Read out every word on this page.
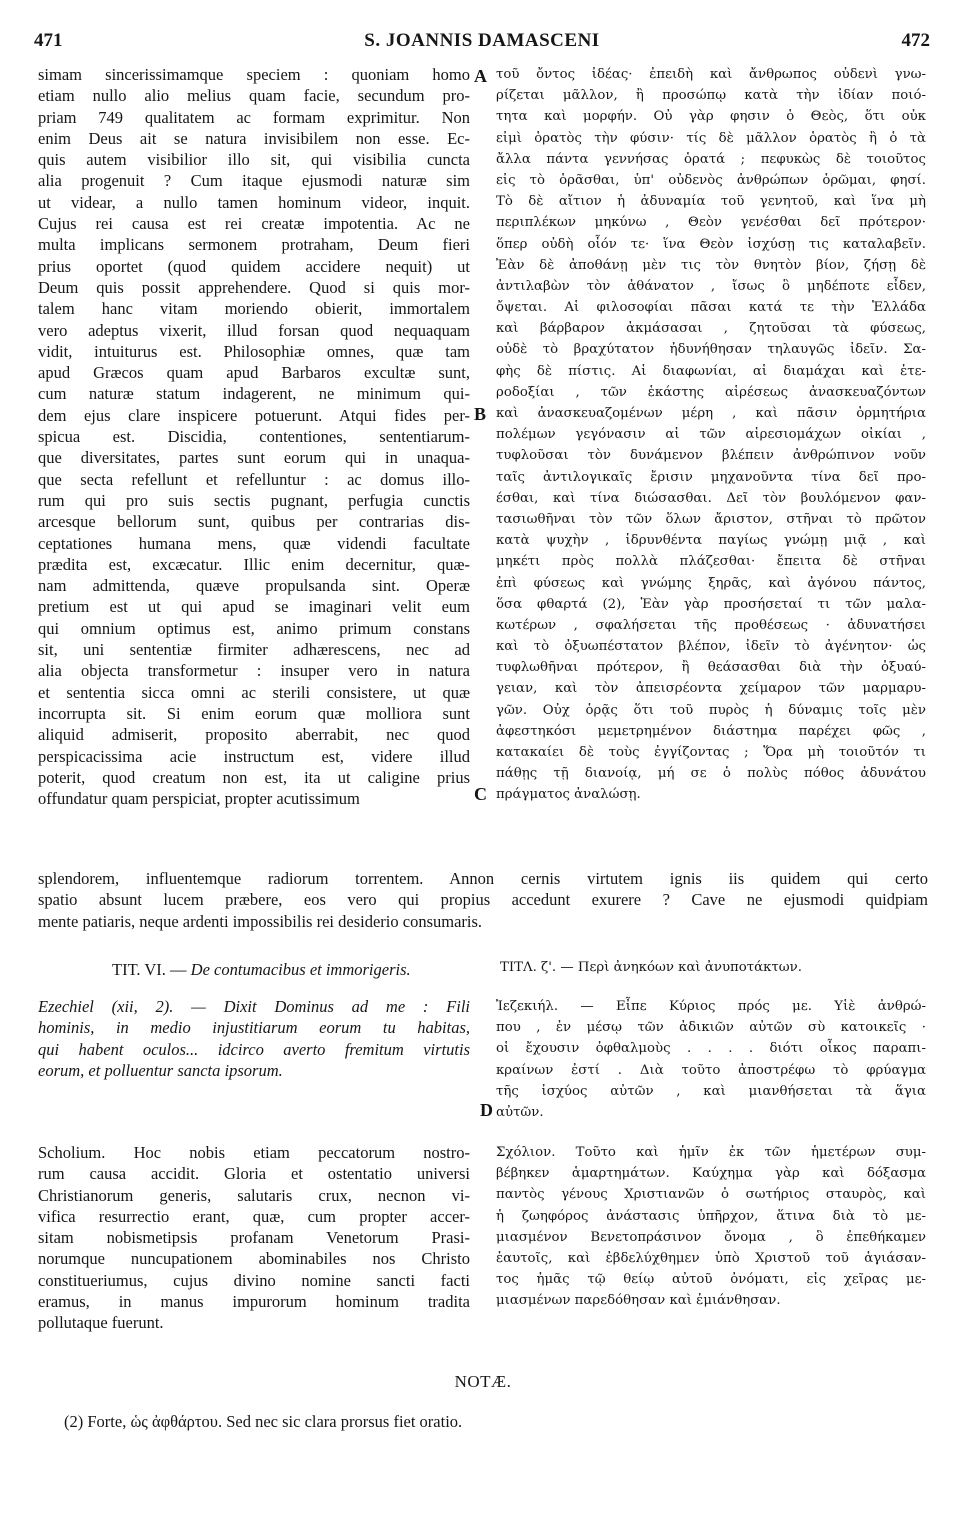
471	S. JOANNIS DAMASCENI	472
simam sincerissimamque speciem : quoniam homo
etiam nullo alio melius quam facie, secundum pro-
priam 749 qualitatem ac formam exprimitur. Non
enim Deus ait se natura invisibilem non esse. Ec-
quis autem visibilior illo sit, qui visibilia cuncta
alia progenuit ? Cum itaque ejusmodi naturæ sim
ut videar, a nullo tamen hominum videor, inquit.
Cujus rei causa est rei creatæ impotentia. Ac ne
multa implicans sermonem protraham, Deum fieri
prius oportet (quod quidem accidere nequit) ut
Deum quis possit apprehendere. Quod si quis mor-
talem hanc vitam moriendo obierit, immortalem
vero adeptus vixerit, illud forsan quod nequaquam
vidit, intuiturus est. Philosophiæ omnes, quæ tam
apud Græcos quam apud Barbaros excultæ sunt,
cum naturæ statum indagerent, ne minimum qui-
dem ejus clare inspicere potuerunt. Atqui fides per-
spicua est. Discidia, contentiones, sententiarum-
que diversitates, partes sunt eorum qui in unaqua-
que secta refellunt et refelluntur : ac domus illo-
rum qui pro suis sectis pugnant, perfugia cunctis
arcesque bellorum sunt, quibus per contrarias dis-
ceptationes humana mens, quæ videndi facultate
prædita est, excæcatur. Illic enim decernitur, quæ-
nam admittenda, quæve propulsanda sint. Operæ
pretium est ut qui apud se imaginari velit eum
qui omnium optimus est, animo primum constans
sit, uni sententiæ firmiter adhærescens, nec ad
alia objecta transformetur : insuper vero in natura
et sententia sicca omni ac sterili consistere, ut quæ
incorrupta sit. Si enim eorum quæ molliora sunt
aliquid admiserit, proposito aberrabit, nec quod
perspicacissima acie instructum est, videre illud
poterit, quod creatum non est, ita ut caligine prius
offundatur quam perspiciat, propter acutissimum
τοῦ ὄντος ἰδέας· ἐπειδὴ καὶ ἄνθρωπος οὐδενὶ γνω-
ρίζεται μᾶλλον, ἢ προσώπῳ κατὰ τὴν ἰδίαν ποιό-
τητα καὶ μορφήν. Οὐ γὰρ φησιν ὁ Θεὸς, ὅτι οὐκ
εἰμὶ ὁρατὸς τὴν φύσιν· τίς δὲ μᾶλλον ὁρατὸς ἢ ὁ τὰ
ἄλλα πάντα γεννήσας ὁρατά ; πεφυκὼς δὲ τοιοῦτος
εἰς τὸ ὁρᾶσθαι, ὑπ' οὐδενὸς ἀνθρώπων ὁρῶμαι, φησί.
Τὸ δὲ αἴτιον ἡ ἀδυναμία τοῦ γενητοῦ, καὶ ἵνα μὴ
περιπλέκων μηκύνω , Θεὸν γενέσθαι δεῖ πρότερον·
ὅπερ οὐδὴ οἷόν τε· ἵνα Θεὸν ἰσχύσῃ τις καταλαβεῖν.
Ἐὰν δὲ ἀποθάνῃ μὲν τις τὸν θνητὸν βίον, ζήσῃ δὲ
ἀντιλαβὼν τὸν ἀθάνατον , ἴσως ὃ μηδέποτε εἶδεν,
ὄψεται. Αἱ φιλοσοφίαι πᾶσαι κατά τε τὴν Ἑλλάδα
καὶ βάρβαρον ἀκμάσασαι , ζητοῦσαι τὰ φύσεως,
οὐδὲ τὸ βραχύτατον ἠδυνήθησαν τηλαυγῶς ἰδεῖν. Σα-
φὴς δὲ πίστις. Αἱ διαφωνίαι, αἱ διαμάχαι καὶ ἑτε-
ροδοξίαι , τῶν ἑκάστης αἱρέσεως ἀνασκευαζόντων
καὶ ἀνασκευαζομένων μέρη , καὶ πᾶσιν ὁρμητήρια
πολέμων γεγόνασιν αἱ τῶν αἱρεσιομάχων οἰκίαι ,
τυφλοῦσαι τὸν δυνάμενον βλέπειν ἀνθρώπινον νοῦν
ταῖς ἀντιλογικαῖς ἔρισιν μηχανοῦντα τίνα δεῖ προ-
έσθαι, καὶ τίνα διώσασθαι. Δεῖ τὸν βουλόμενον φαν-
τασιωθῆναι τὸν τῶν ὅλων ἄριστον, στῆναι τὸ πρῶτον
κατὰ ψυχὴν , ἱδρυνθέντα παγίως γνώμῃ μιᾷ , καὶ
μηκέτι πρὸς πολλὰ πλάζεσθαι· ἔπειτα δὲ στῆναι
ἐπὶ φύσεως καὶ γνώμης ξηρᾶς, καὶ ἀγόνου πάντος,
ὅσα φθαρτά (2), Ἐὰν γὰρ προσήσεταί τι τῶν μαλα-
κωτέρων , σφαλήσεται τῆς προθέσεως · ἀδυνατήσει
καὶ τὸ ὀξυωπέστατον βλέπον, ἰδεῖν τὸ ἀγένητον· ὡς
τυφλωθῆναι πρότερον, ἢ θεάσασθαι διὰ τὴν ὀξυαύ-
γειαν, καὶ τὸν ἀπεισρέοντα χείμαρον τῶν μαρμαρυ-
γῶν. Οὐχ ὁρᾷς ὅτι τοῦ πυρὸς ἡ δύναμις τοῖς μὲν
ἀφεστηκόσι μεμετρημένον διάστημα παρέχει φῶς ,
κατακαίει δὲ τοὺς ἐγγίζοντας ; Ὅρα μὴ τοιοῦτόν τι
πάθῃς τῇ διανοίᾳ, μή σε ὁ πολὺς πόθος ἀδυνάτου
πράγματος ἀναλώσῃ.
A
B
C
D
splendorem, influentemque radiorum torrentem. Annon cernis virtutem ignis iis quidem qui certo
spatio absunt lucem præbere, eos vero qui propius accedunt exurere ? Cave ne ejusmodi quidpiam
mente patiaris, neque ardenti impossibilis rei desiderio consumaris.
TIT. VI. — De contumacibus et immorigeris.	ΤΙΤΛ. ζ'. — Περὶ ἀνηκόων καὶ ἀνυποτάκτων.
Ezechiel (xii, 2). — Dixit Dominus ad me : Fili
hominis, in medio injustitiarum eorum tu habitas,
qui habent oculos... idcirco averto fremitum virtutis
eorum, et polluentur sancta ipsorum.
Ἰεζεκιήλ. — Εἶπε Κύριος πρός με. Υἱὲ ἀνθρώ-
που , ἐν μέσῳ τῶν ἀδικιῶν αὐτῶν σὺ κατοικεῖς ·
οἱ ἔχουσιν ὀφθαλμοὺς . . . . διότι οἶκος παραπι-
κραίνων ἐστί . Διὰ τοῦτο ἀποστρέφω τὸ φρύαγμα
τῆς ἰσχύος αὐτῶν , καὶ μιανθήσεται τὰ ἅγια
αὐτῶν.
Scholium. Hoc nobis etiam peccatorum nostro-
rum causa accidit. Gloria et ostentatio universi
Christianorum generis, salutaris crux, necnon vi-
vifica resurrectio erant, quæ, cum propter accer-
sitam nobismetipsis profanam Venetorum Prasi-
norumque nuncupationem abominabiles nos Christo
constitueriumus, cujus divino nomine sancti facti
eramus, in manus impurorum hominum tradita
pollutaque fuerunt.
Σχόλιον. Τοῦτο καὶ ἡμῖν ἐκ τῶν ἡμετέρων συμ-
βέβηκεν ἁμαρτημάτων. Καύχημα γὰρ καὶ δόξασμα
παντὸς γένους Χριστιανῶν ὁ σωτήριος σταυρὸς, καὶ
ἡ ζωηφόρος ἀνάστασις ὑπῆρχον, ἅτινα διὰ τὸ με-
μιασμένον Βενετοπράσινον ὄνομα , ὃ ἐπεθήκαμεν
ἑαυτοῖς, καὶ ἐβδελύχθημεν ὑπὸ Χριστοῦ τοῦ ἁγιάσαν-
τος ἡμᾶς τῷ θείῳ αὐτοῦ ὀνόματι, εἰς χεῖρας με-
μιασμένων παρεδόθησαν καὶ ἐμιάνθησαν.
NOTÆ.
(2) Forte, ὡς ἀφθάρτου. Sed nec sic clara prorsus fiet oratio.
